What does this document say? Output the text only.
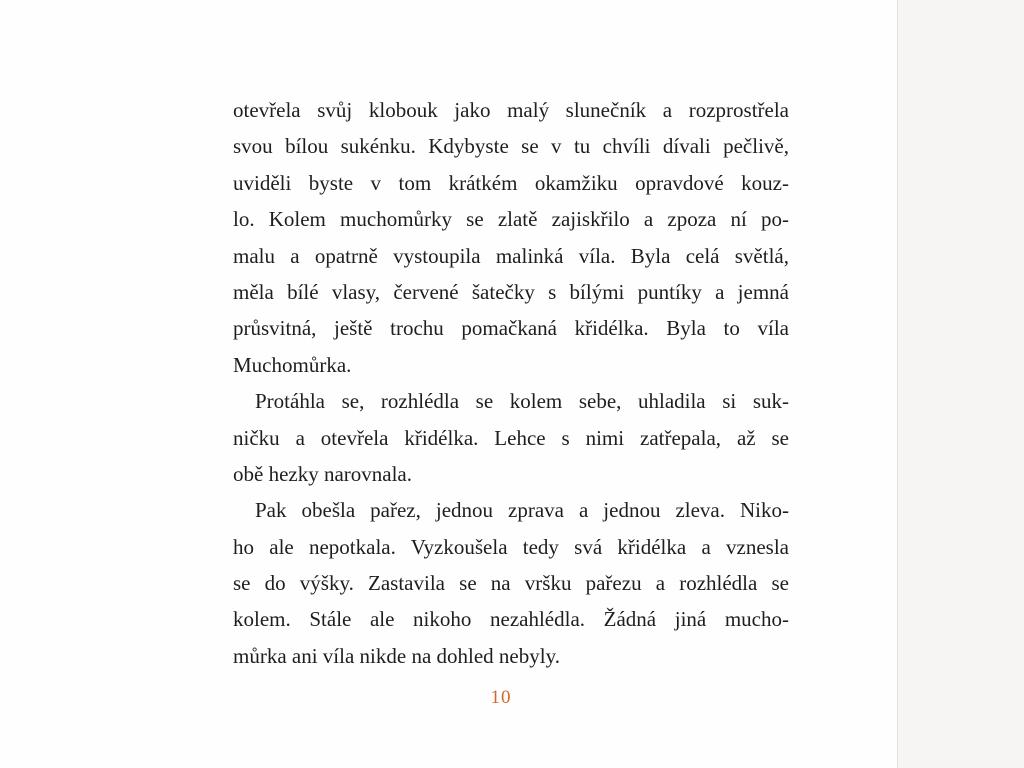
otevřela svůj klobouk jako malý slunečník a rozprostřela
svou bílou sukénku. Kdybyste se v tu chvíli dívali pečlivě,
uviděli byste v tom krátkém okamžiku opravdové kouz-
lo. Kolem muchomůrky se zlatě zajiskřilo a zpoza ní po-
malu a opatrně vystoupila malinká víla. Byla celá světlá,
měla bílé vlasy, červené šatečky s bílými puntíky a jemná
průsvitná, ještě trochu pomačkaná křidélka. Byla to víla
Muchomůrka.
Protáhla se, rozhlédla se kolem sebe, uhladila si suk-
ničku a otevřela křidélka. Lehce s nimi zatřepala, až se
obě hezky narovnala.
Pak obešla pařez, jednou zprava a jednou zleva. Niko-
ho ale nepotkala. Vyzkoušela tedy svá křidélka a vznesla
se do výšky. Zastavila se na vršku pařezu a rozhlédla se
kolem. Stále ale nikoho nezahlédla. Žádná jiná mucho-
můrka ani víla nikde na dohled nebyly.
10
